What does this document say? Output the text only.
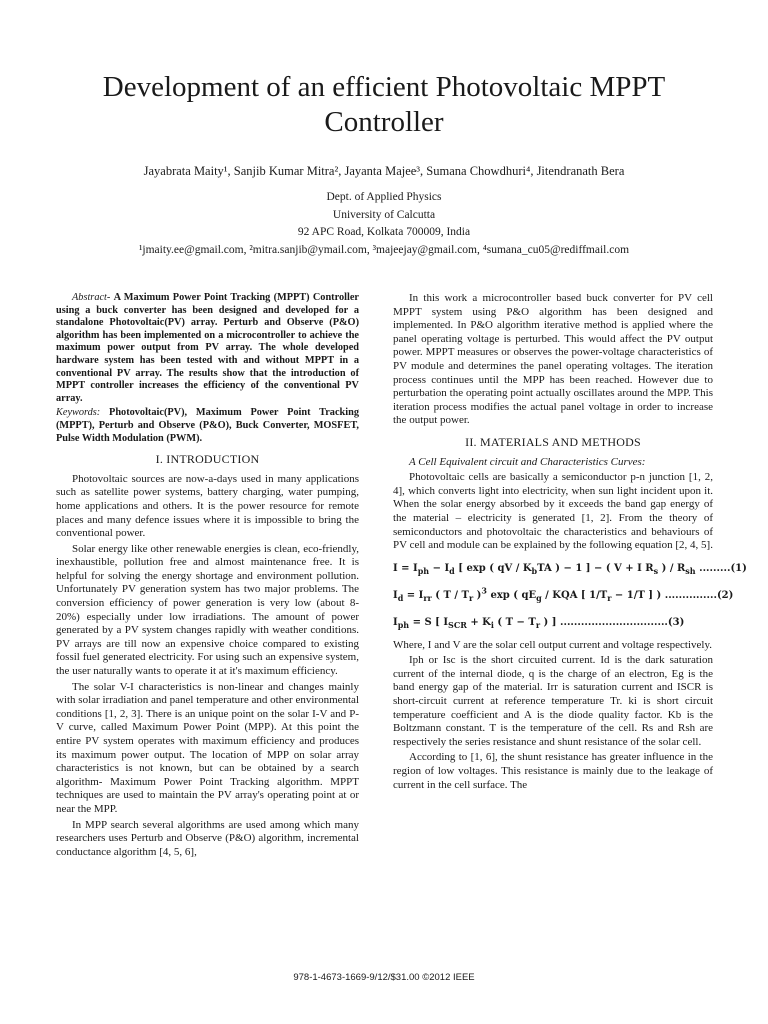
Development of an efficient Photovoltaic MPPT Controller
Jayabrata Maity¹, Sanjib Kumar Mitra², Jayanta Majee³, Sumana Chowdhuri⁴, Jitendranath Bera
Dept. of Applied Physics
University of Calcutta
92 APC Road, Kolkata 700009, India
¹jmaity.ee@gmail.com, ²mitra.sanjib@ymail.com, ³majeejay@gmail.com, ⁴sumana_cu05@rediffmail.com

Abstract- A Maximum Power Point Tracking (MPPT) Controller using a buck converter has been designed and developed for a standalone Photovoltaic(PV) array. Perturb and Observe (P&O) algorithm has been implemented on a microcontroller to achieve the maximum power output from PV array. The whole developed hardware system has been tested with and without MPPT in a conventional PV array. The results show that the introduction of MPPT controller increases the efficiency of the conventional PV array.

Keywords: Photovoltaic(PV), Maximum Power Point Tracking (MPPT), Perturb and Observe (P&O), Buck Converter, MOSFET, Pulse Width Modulation (PWM).

I. INTRODUCTION

Photovoltaic sources are now-a-days used in many applications such as satellite power systems, battery charging, water pumping, home applications and others. It is the power resource for remote places and many defence issues where it is impossible to bring the conventional power.

Solar energy like other renewable energies is clean, eco-friendly, inexhaustible, pollution free and almost maintenance free. It is helpful for solving the energy shortage and environment pollution. Unfortunately PV generation system has two major problems. The conversion efficiency of power generation is very low (about 8-20%) especially under low irradiations. The amount of power generated by a PV system changes rapidly with weather conditions. PV arrays are till now an expensive choice compared to existing fossil fuel generated electricity. For using such an expensive system, the user naturally wants to operate it at it's maximum efficiency.

The solar V-I characteristics is non-linear and changes mainly with solar irradiation and panel temperature and other environmental conditions [1, 2, 3]. There is an unique point on the solar I-V and P-V curve, called Maximum Power Point (MPP). At this point the entire PV system operates with maximum efficiency and produces its maximum power output. The location of MPP on solar array characteristics is not known, but can be obtained by a search algorithm- Maximum Power Point Tracking algorithm. MPPT techniques are used to maintain the PV array's operating point at or near the MPP.

In MPP search several algorithms are used among which many researchers uses Perturb and Observe (P&O) algorithm, incremental conductance algorithm [4, 5, 6],

In this work a microcontroller based buck converter for PV cell MPPT system using P&O algorithm has been designed and implemented. In P&O algorithm iterative method is applied where the panel operating voltage is perturbed. This would affect the PV output power. MPPT measures or observes the power-voltage characteristics of PV module and determines the panel operating voltages. The iteration process continues until the MPP has been reached. However due to perturbation the operating point actually oscillates around the MPP. This iteration process modifies the actual panel voltage in order to increase the output power.

II. MATERIALS AND METHODS

A Cell Equivalent circuit and Characteristics Curves:

Photovoltaic cells are basically a semiconductor p-n junction [1, 2, 4], which converts light into electricity, when sun light incident upon it. When the solar energy absorbed by it exceeds the band gap energy of the material – electricity is generated [1, 2]. From the theory of semiconductors and photovoltaic the characteristics and behaviours of PV cell and module can be explained by the following equation [2, 4, 5].

$I = I_{ph} - I_d$ [ exp ( qV / $K_bTA$ ) − 1 ] − ( V + I $R_s$ ) / $R_{sh}$ .........(1)
$I_d = I_{rr}$ ( T / $T_r$ )$^3$ exp ( $qE_g$ / KQA [ $1/T_r - 1/T$ ] ) ...............(2)
$I_{ph} = S$ [ $I_{SCR} + K_i$ ( $T - T_r$ ) ] ...............................(3)

Where, I and V are the solar cell output current and voltage respectively.

Iph or Isc is the short circuited current. Id is the dark saturation current of the internal diode, q is the charge of an electron, Eg is the band energy gap of the material. Irr is saturation current and ISCR is short-circuit current at reference temperature Tr. ki is short circuit temperature coefficient and A is the diode quality factor. Kb is the Boltzmann constant. T is the temperature of the cell. Rs and Rsh are respectively the series resistance and shunt resistance of the solar cell.

According to [1, 6], the shunt resistance has greater influence in the region of low voltages. This resistance is mainly due to the leakage of current in the cell surface. The

978-1-4673-1669-9/12/$31.00 ©2012 IEEE
